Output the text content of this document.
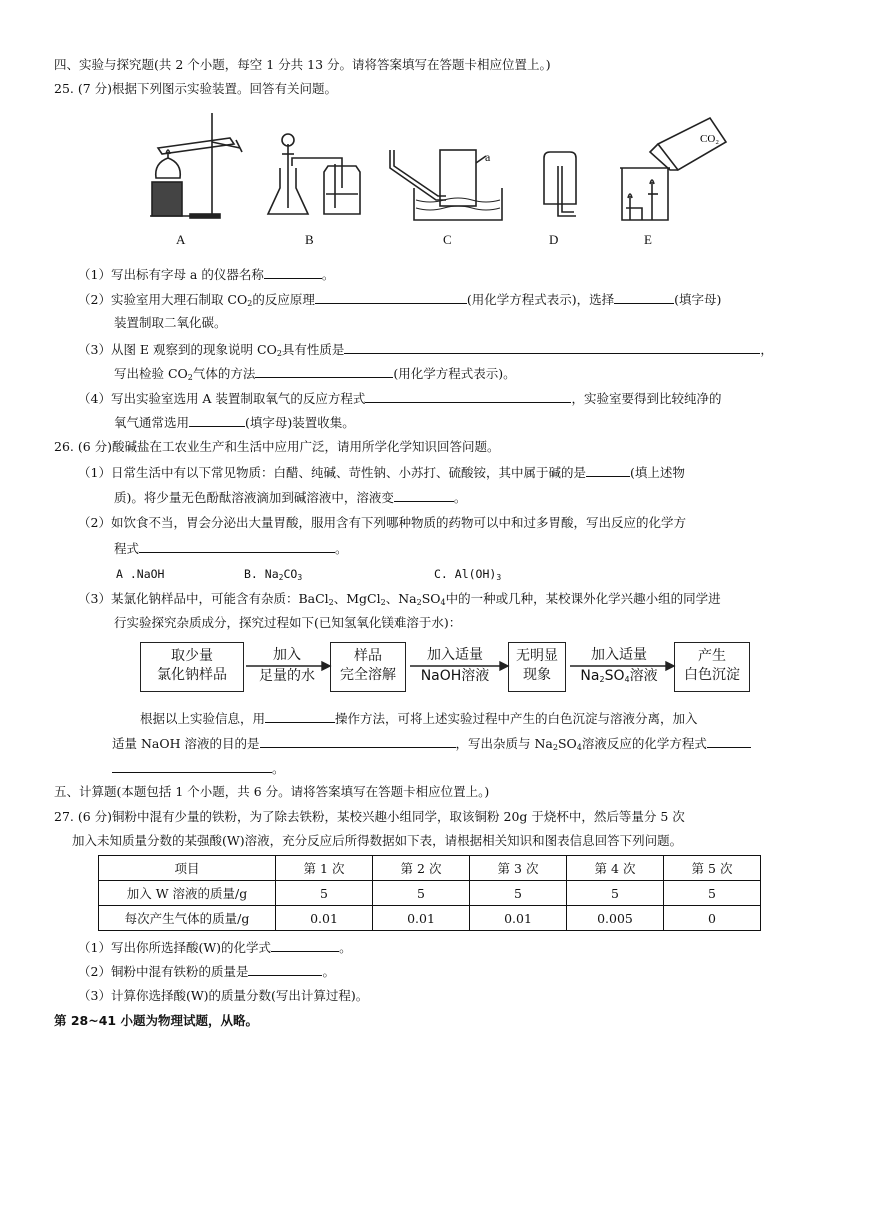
四、实验与探究题(共 2 个小题，每空 1 分共 13 分。请将答案填写在答题卡相应位置上。)
25. (7 分)根据下列图示实验装置。回答有关问题。
CO₂
A	B	C	D	E
a
（1）写出标有字母 a 的仪器名称	。
（2）实验室用大理石制取 $CO_2$的反应原理	(用化学方程式表示)，选择	(填字母)
装置制取二氧化碳。
（3）从图 E 观察到的现象说明 $CO_2$具有性质是	，
写出检验 $CO_2$气体的方法	(用化学方程式表示)。
（4）写出实验室选用 A 装置制取氧气的反应方程式	，实验室要得到比较纯净的
氧气通常选用	(填字母)装置收集。
26. (6 分)酸碱盐在工农业生产和生活中应用广泛，请用所学化学知识回答问题。
（1）日常生活中有以下常见物质：白醋、纯碱、苛性钠、小苏打、硫酸铵，其中属于碱的是	(填上述物
质)。将少量无色酚酞溶液滴加到碱溶液中，溶液变	。
（2）如饮食不当，胃会分泌出大量胃酸，服用含有下列哪种物质的药物可以中和过多胃酸，写出反应的化学方
程式	。
A .NaOH	B. $Na_2CO_3$	C. $Al(OH)_3$
（3）某氯化钠样品中，可能含有杂质：BaCl$_2$、MgCl$_2$、$Na_2SO_4$中的一种或几种，某校课外化学兴趣小组的同学进
行实验探究杂质成分，探究过程如下(已知氢氧化镁难溶于水)：
取少量
氯化钠样品
加入
足量的水
样品
完全溶解
加入适量
NaOH溶液
无明显
现象
加入适量
$Na_2SO_4$溶液
产生
白色沉淀
根据以上实验信息，用	操作方法，可将上述实验过程中产生的白色沉淀与溶液分离，加入
适量 NaOH 溶液的目的是	，写出杂质与 $Na_2SO_4$溶液反应的化学方程式
。
五、计算题(本题包括 1 个小题，共 6 分。请将答案填写在答题卡相应位置上。)
27. (6 分)铜粉中混有少量的铁粉，为了除去铁粉，某校兴趣小组同学，取该铜粉 20g 于烧杯中，然后等量分 5 次
加入未知质量分数的某强酸(W)溶液，充分反应后所得数据如下表，请根据相关知识和图表信息回答下列问题。
项目	第 1 次	第 2 次	第 3 次	第 4 次	第 5 次
加入 W 溶液的质量/g	5	5	5	5	5
每次产生气体的质量/g	0.01	0.01	0.01	0.005	0
（1）写出你所选择酸(W)的化学式	。
（2）铜粉中混有铁粉的质量是	。
（3）计算你选择酸(W)的质量分数(写出计算过程)。
第 28~41 小题为物理试题，从略。
